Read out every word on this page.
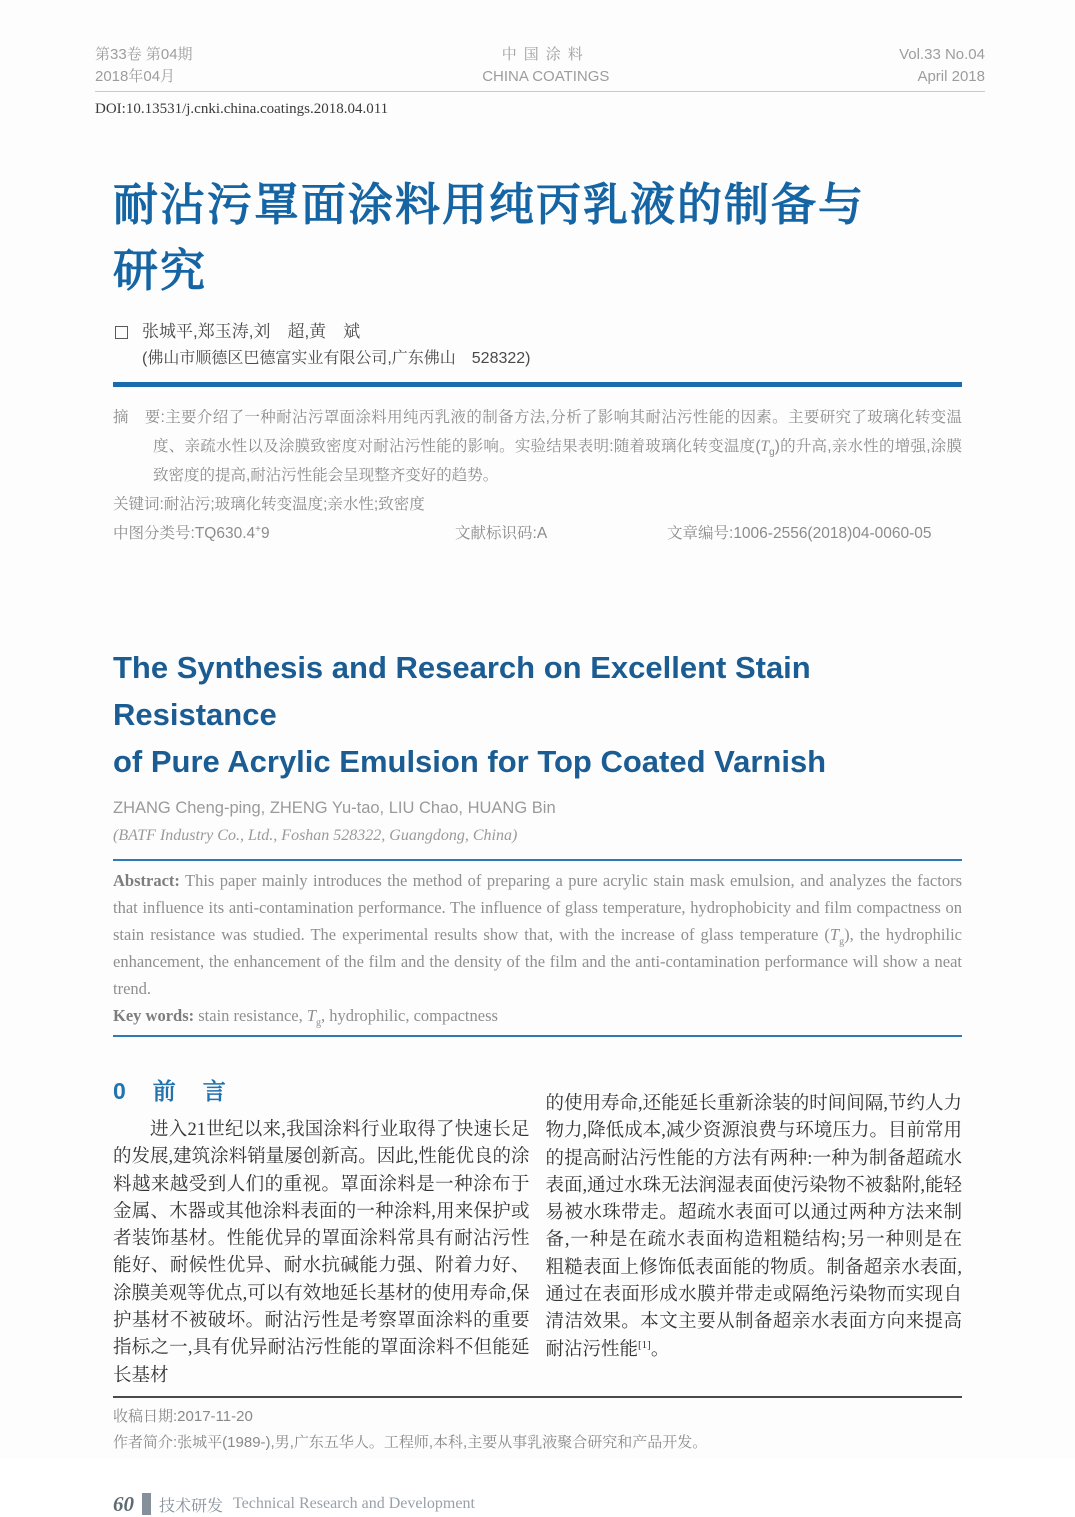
第33卷 第04期
2018年04月
中国涂料
CHINA COATINGS
Vol.33 No.04
April 2018
DOI:10.13531/j.cnki.china.coatings.2018.04.011
耐沾污罩面涂料用纯丙乳液的制备与
研究
张城平,郑玉涛,刘　超,黄　斌
(佛山市顺德区巴德富实业有限公司,广东佛山　528322)
摘　要:主要介绍了一种耐沾污罩面涂料用纯丙乳液的制备方法,分析了影响其耐沾污性能的因素。主要研究了玻璃化转变温度、亲疏水性以及涂膜致密度对耐沾污性能的影响。实验结果表明:随着玻璃化转变温度$(T_g)$的升高,亲水性的增强,涂膜致密度的提高,耐沾污性能会呈现整齐变好的趋势。
关键词:耐沾污;玻璃化转变温度;亲水性;致密度
中图分类号:TQ630.4+9	文献标识码:A	文章编号:1006-2556(2018)04-0060-05
The Synthesis and Research on Excellent Stain Resistance
of Pure Acrylic Emulsion for Top Coated Varnish
ZHANG Cheng-ping, ZHENG Yu-tao, LIU Chao, HUANG Bin
(BATF Industry Co., Ltd., Foshan 528322, Guangdong, China)
Abstract: This paper mainly introduces the method of preparing a pure acrylic stain mask emulsion, and analyzes the factors that influence its anti-contamination performance. The influence of glass temperature, hydrophobicity and film compactness on stain resistance was studied. The experimental results show that, with the increase of glass temperature $(T_g)$, the hydrophilic enhancement, the enhancement of the film and the density of the film and the anti-contamination performance will show a neat trend.
Key words: stain resistance, $T_g$, hydrophilic, compactness
0　前　言

进入21世纪以来,我国涂料行业取得了快速长足的发展,建筑涂料销量屡创新高。因此,性能优良的涂料越来越受到人们的重视。罩面涂料是一种涂布于金属、木器或其他涂料表面的一种涂料,用来保护或者装饰基材。性能优异的罩面涂料常具有耐沾污性能好、耐候性优异、耐水抗碱能力强、附着力好、涂膜美观等优点,可以有效地延长基材的使用寿命,保护基材不被破坏。耐沾污性是考察罩面涂料的重要指标之一,具有优异耐沾污性能的罩面涂料不但能延长基材

的使用寿命,还能延长重新涂装的时间间隔,节约人力物力,降低成本,减少资源浪费与环境压力。目前常用的提高耐沾污性能的方法有两种:一种为制备超疏水表面,通过水珠无法润湿表面使污染物不被黏附,能轻易被水珠带走。超疏水表面可以通过两种方法来制备,一种是在疏水表面构造粗糙结构;另一种则是在粗糙表面上修饰低表面能的物质。制备超亲水表面,通过在表面形成水膜并带走或隔绝污染物而实现自清洁效果。本文主要从制备超亲水表面方向来提高耐沾污性能[1]。

收稿日期:2017-11-20
作者简介:张城平(1989-),男,广东五华人。工程师,本科,主要从事乳液聚合研究和产品开发。
60 技术研发 Technical Research and Development
